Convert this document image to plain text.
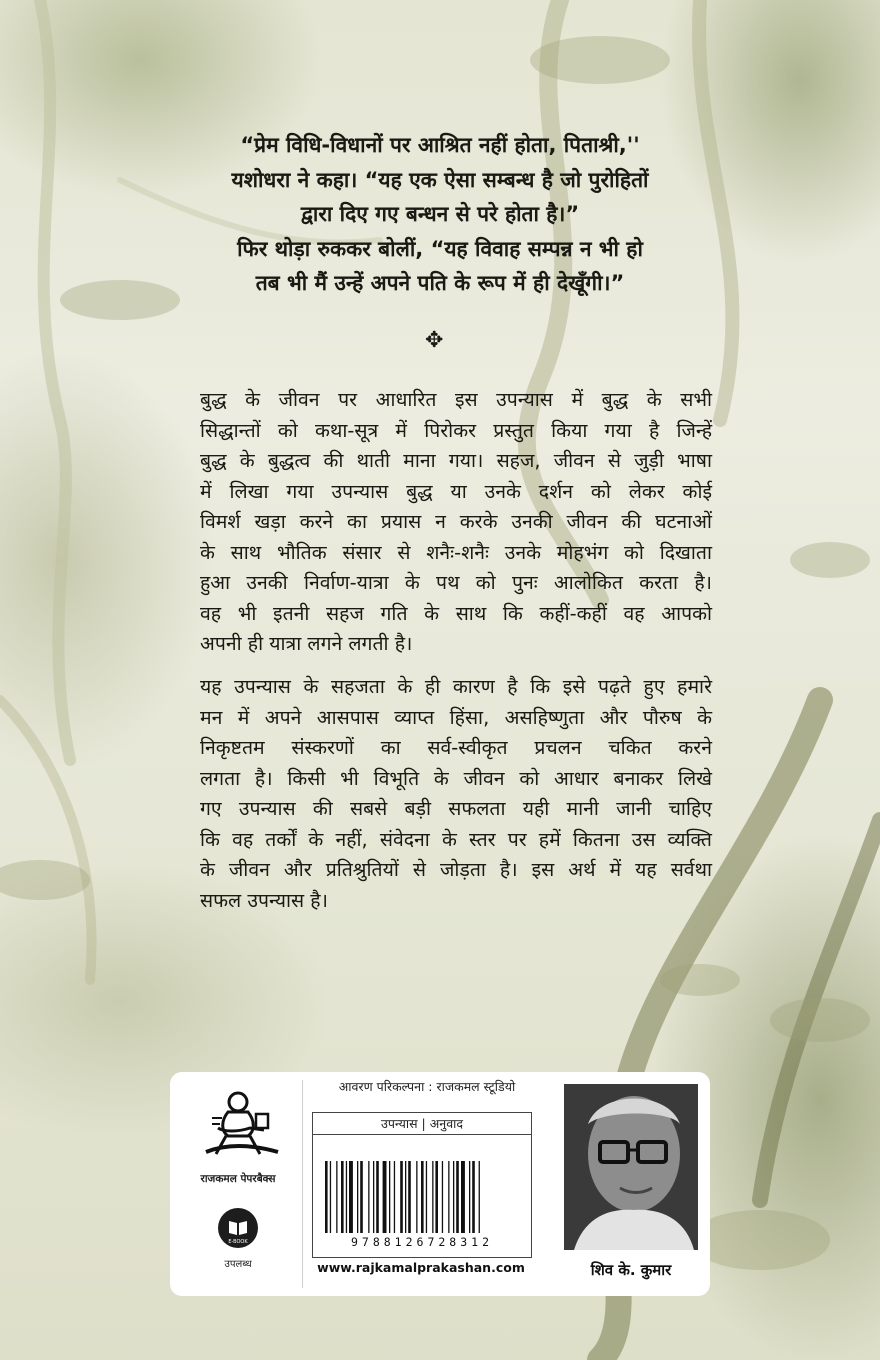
“प्रेम विधि-विधानों पर आश्रित नहीं होता, पिताश्री,''
यशोधरा ने कहा। “यह एक ऐसा सम्बन्ध है जो पुरोहितों
द्वारा दिए गए बन्धन से परे होता है।”
फिर थोड़ा रुककर बोलीं, “यह विवाह सम्पन्न न भी हो
तब भी मैं उन्हें अपने पति के रूप में ही देखूँगी।”
✥
बुद्ध के जीवन पर आधारित इस उपन्यास में बुद्ध के सभी
सिद्धान्तों को कथा-सूत्र में पिरोकर प्रस्तुत किया गया है जिन्हें
बुद्ध के बुद्धत्व की थाती माना गया। सहज, जीवन से जुड़ी भाषा
में लिखा गया उपन्यास बुद्ध या उनके दर्शन को लेकर कोई
विमर्श खड़ा करने का प्रयास न करके उनकी जीवन की घटनाओं
के साथ भौतिक संसार से शनैः-शनैः उनके मोहभंग को दिखाता
हुआ उनकी निर्वाण-यात्रा के पथ को पुनः आलोकित करता है।
वह भी इतनी सहज गति के साथ कि कहीं-कहीं वह आपको
अपनी ही यात्रा लगने लगती है।
यह उपन्यास के सहजता के ही कारण है कि इसे पढ़ते हुए हमारे
मन में अपने आसपास व्याप्त हिंसा, असहिष्णुता और पौरुष के
निकृष्टतम संस्करणों का सर्व-स्वीकृत प्रचलन चकित करने
लगता है। किसी भी विभूति के जीवन को आधार बनाकर लिखे
गए उपन्यास की सबसे बड़ी सफलता यही मानी जानी चाहिए
कि वह तर्कों के नहीं, संवेदना के स्तर पर हमें कितना उस व्यक्ति
के जीवन और प्रतिश्रुतियों से जोड़ता है। इस अर्थ में यह सर्वथा
सफल उपन्यास है।
राजकमल पेपरबैक्स
E-BOOK
उपलब्ध
आवरण परिकल्पना : राजकमल स्टूडियो
उपन्यास | अनुवाद
9788126728312
www.rajkamalprakashan.com	शिव के. कुमार
